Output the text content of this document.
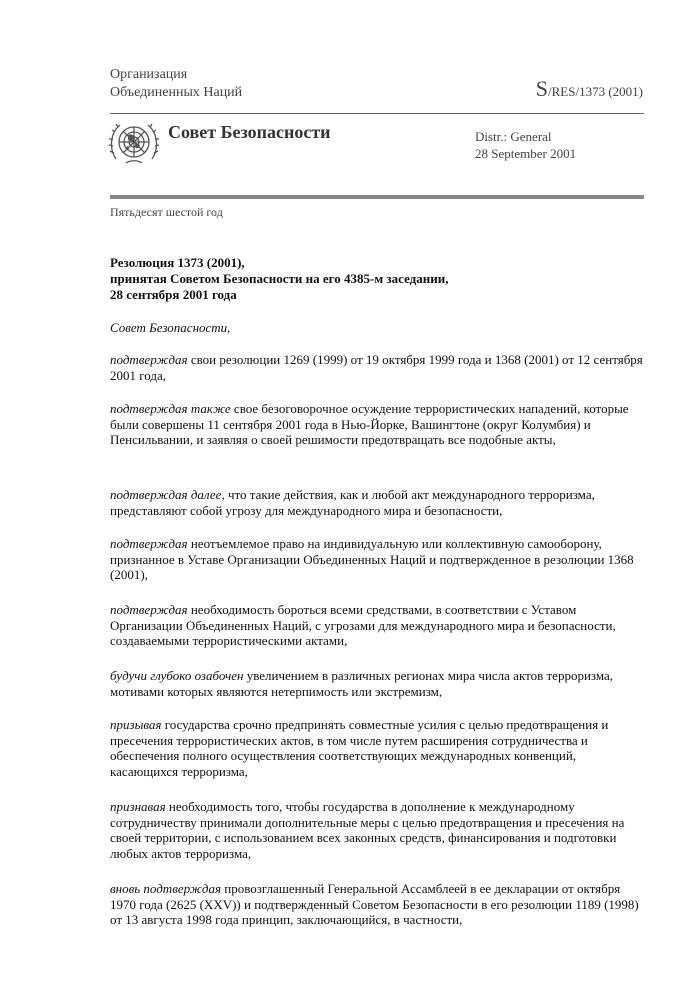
Организация
Объединенных Наций	S/RES/1373 (2001)
Совет Безопасности	Distr.: General
28 September 2001
Пятьдесят шестой год
Резолюция 1373 (2001),
принятая Советом Безопасности на его 4385-м заседании,
28 сентября 2001 года

Совет Безопасности,

подтверждая свои резолюции 1269 (1999) от 19 октября 1999 года и 1368 (2001) от 12 сентября 2001 года,

подтверждая также свое безоговорочное осуждение террористических нападений, которые были совершены 11 сентября 2001 года в Нью-Йорке, Вашингтоне (округ Колумбия) и Пенсильвании, и заявляя о своей решимости предотвращать все подобные акты,

подтверждая далее, что такие действия, как и любой акт международного терроризма, представляют собой угрозу для международного мира и безопасности,

подтверждая неотъемлемое право на индивидуальную или коллективную самооборону, признанное в Уставе Организации Объединенных Наций и подтвержденное в резолюции 1368 (2001),

подтверждая необходимость бороться всеми средствами, в соответствии с Уставом Организации Объединенных Наций, с угрозами для международного мира и безопасности, создаваемыми террористическими актами,

будучи глубоко озабочен увеличением в различных регионах мира числа актов терроризма, мотивами которых являются нетерпимость или экстремизм,

призывая государства срочно предпринять совместные усилия с целью предотвращения и пресечения террористических актов, в том числе путем расширения сотрудничества и обеспечения полного осуществления соответствующих международных конвенций, касающихся терроризма,

признавая необходимость того, чтобы государства в дополнение к международному сотрудничеству принимали дополнительные меры с целью предотвращения и пресечения на своей территории, с использованием всех законных средств, финансирования и подготовки любых актов терроризма,

вновь подтверждая провозглашенный Генеральной Ассамблеей в ее декларации от октября 1970 года (2625 (XXV)) и подтвержденный Советом Безопасности в его резолюции 1189 (1998) от 13 августа 1998 года принцип, заключающийся, в частности,
